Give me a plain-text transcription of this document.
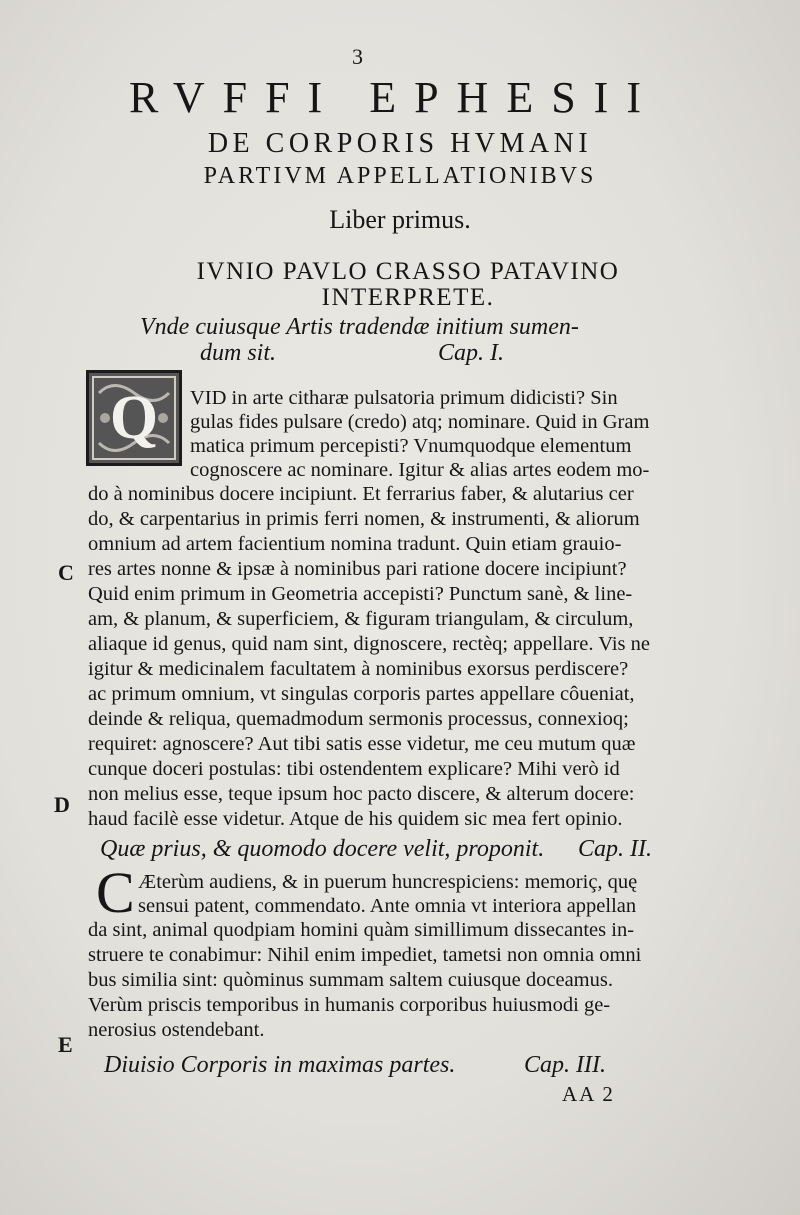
3

RVFFI EPHESII

DE CORPORIS HVMANI

PARTIVM APPELLATIONIBVS

Liber primus.

IVNIO PAVLO CRASSO PATAVINO

INTERPRETE.

Vnde cuiusque Artis tradendæ initium sumen-

dum sit.	Cap. I.

Q VID in arte citharæ pulsatoria primum didicisti? Sin

gulas fides pulsare (credo) atq; nominare. Quid in Gram

matica primum percepisti? Vnumquodque elementum

cognoscere ac nominare. Igitur & alias artes eodem mo-

do à nominibus docere incipiunt. Et ferrarius faber, & alutarius cer

do, & carpentarius in primis ferri nomen, & instrumenti, & aliorum

omnium ad artem facientium nomina tradunt. Quin etiam grauio-

res artes nonne & ipsæ à nominibus pari ratione docere incipiunt?

Quid enim primum in Geometria accepisti? Punctum sanè, & line-

am, & planum, & superficiem, & figuram triangulam, & circulum,

aliaque id genus, quid nam sint, dignoscere, rectèq; appellare. Vis ne

igitur & medicinalem facultatem à nominibus exorsus perdiscere?

ac primum omnium, vt singulas corporis partes appellare côueniat,

deinde & reliqua, quemadmodum sermonis processus, connexioq;

requiret: agnoscere? Aut tibi satis esse videtur, me ceu mutum quæ

cunque doceri postulas: tibi ostendentem explicare? Mihi verò id

non melius esse, teque ipsum hoc pacto discere, & alterum docere:

haud facilè esse videtur. Atque de his quidem sic mea fert opinio.

C

D

Quæ prius, & quomodo docere velit, proponit. Cap. II.
C Æterùm audiens, & in puerum huncrespiciens: memoriç, quę

sensui patent, commendato. Ante omnia vt interiora appellan

da sint, animal quodpiam homini quàm simillimum dissecantes in-

struere te conabimur: Nihil enim impediet, tametsi non omnia omni

bus similia sint: quòminus summam saltem cuiusque doceamus.

Verùm priscis temporibus in humanis corporibus huiusmodi ge-

nerosius ostendebant.

E

Diuisio Corporis in maximas partes.	Cap. III.

AA 2
